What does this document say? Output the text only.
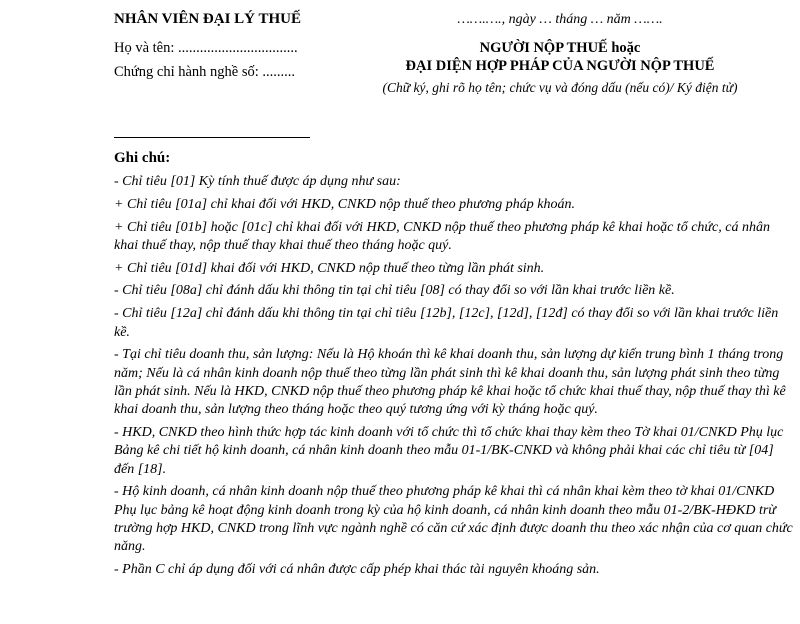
NHÂN VIÊN ĐẠI LÝ THUẾ
Họ và tên: .................................
Chứng chỉ hành nghề số: .........
…….…., ngày … tháng … năm …….
NGƯỜI NỘP THUẾ hoặc
ĐẠI DIỆN HỢP PHÁP CỦA NGƯỜI NỘP THUẾ
(Chữ ký, ghi rõ họ tên; chức vụ và đóng dấu (nếu có)/ Ký điện tử)
Ghi chú:

- Chỉ tiêu [01] Kỳ tính thuế được áp dụng như sau:

+ Chỉ tiêu [01a] chỉ khai đối với HKD, CNKD nộp thuế theo phương pháp khoán.

+ Chỉ tiêu [01b] hoặc [01c] chỉ khai đối với HKD, CNKD nộp thuế theo phương pháp kê khai hoặc tổ chức, cá nhân khai thuế thay, nộp thuế thay khai thuế theo tháng hoặc quý.

+ Chỉ tiêu [01d] khai đối với HKD, CNKD nộp thuế theo từng lần phát sinh.

- Chỉ tiêu [08a] chỉ đánh dấu khi thông tin tại chỉ tiêu [08] có thay đổi so với lần khai trước liền kề.

- Chỉ tiêu [12a] chỉ đánh dấu khi thông tin tại chỉ tiêu [12b], [12c], [12d], [12đ] có thay đổi so với lần khai trước liền kề.

- Tại chỉ tiêu doanh thu, sản lượng: Nếu là Hộ khoán thì kê khai doanh thu, sản lượng dự kiến trung bình 1 tháng trong năm; Nếu là cá nhân kinh doanh nộp thuế theo từng lần phát sinh thì kê khai doanh thu, sản lượng phát sinh theo từng lần phát sinh. Nếu là HKD, CNKD nộp thuế theo phương pháp kê khai hoặc tổ chức khai thuế thay, nộp thuế thay thì kê khai doanh thu, sản lượng theo tháng hoặc theo quý tương ứng với kỳ tháng hoặc quý.

- HKD, CNKD theo hình thức hợp tác kinh doanh với tổ chức thì tổ chức khai thay kèm theo Tờ khai 01/CNKD Phụ lục Bảng kê chi tiết hộ kinh doanh, cá nhân kinh doanh theo mẫu 01-1/BK-CNKD và không phải khai các chỉ tiêu từ [04] đến [18].

- Hộ kinh doanh, cá nhân kinh doanh nộp thuế theo phương pháp kê khai thì cá nhân khai kèm theo tờ khai 01/CNKD Phụ lục bảng kê hoạt động kinh doanh trong kỳ của hộ kinh doanh, cá nhân kinh doanh theo mẫu 01-2/BK-HĐKD trừ trường hợp HKD, CNKD trong lĩnh vực ngành nghề có căn cứ xác định được doanh thu theo xác nhận của cơ quan chức năng.

- Phần C chỉ áp dụng đối với cá nhân được cấp phép khai thác tài nguyên khoáng sản.
